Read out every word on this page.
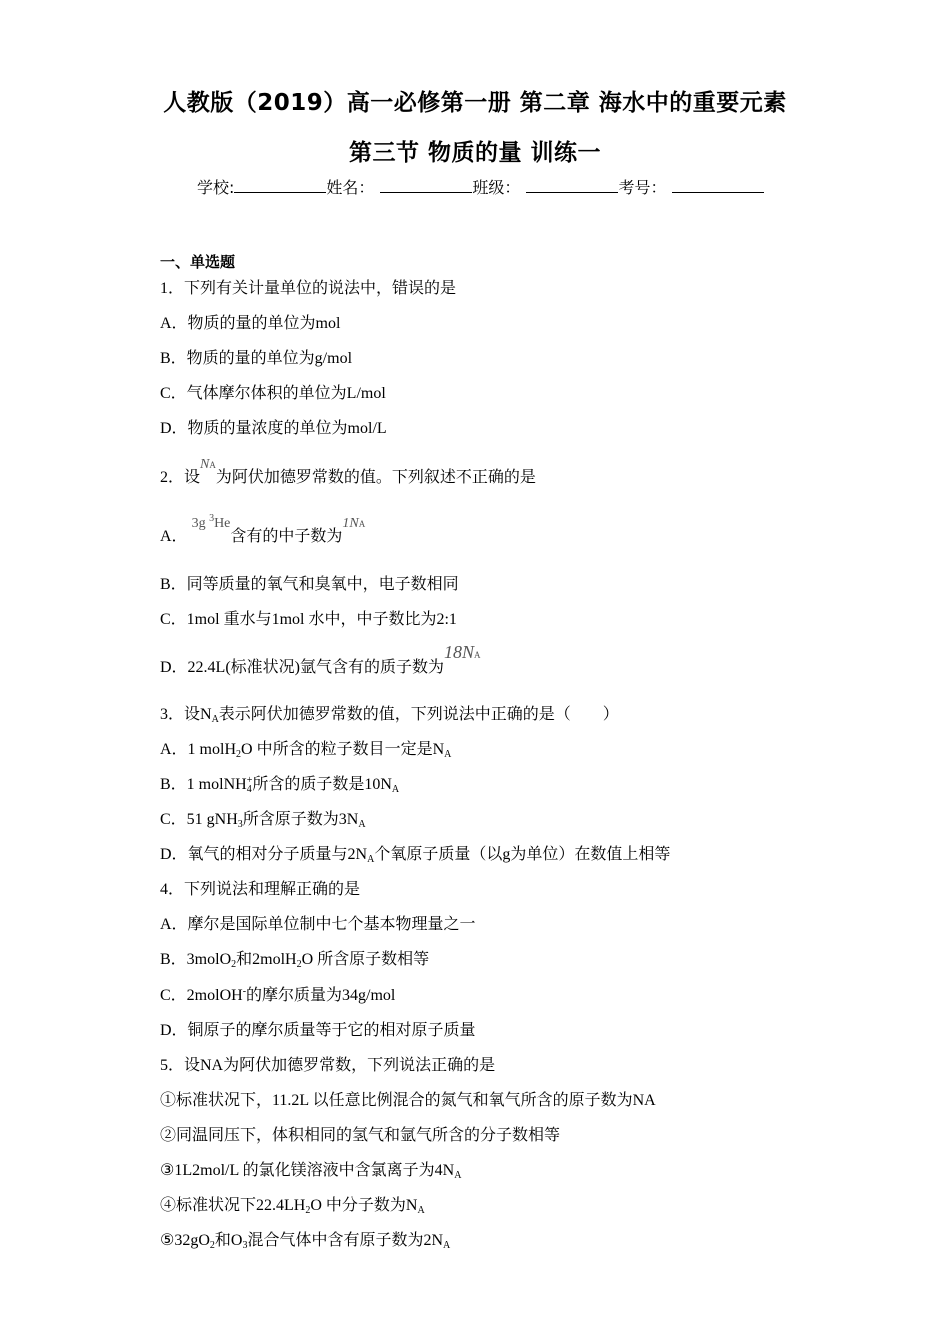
人教版（2019）高一必修第一册 第二章 海水中的重要元素
第三节 物质的量 训练一
学校:	姓名：	班级：	考号：
一、单选题
1．下列有关计量单位的说法中，错误的是
A．物质的量的单位为mol
B．物质的量的单位为g/mol
C．气体摩尔体积的单位为L/mol
D．物质的量浓度的单位为mol/L
2．设NA为阿伏加德罗常数的值。下列叙述不正确的是
A． 3g $^3$He含有的中子数为1NA
B．同等质量的氧气和臭氧中，电子数相同
C．1mol 重水与1mol 水中，中子数比为2:1
D．22.4L(标准状况)氩气含有的质子数为18NA
3．设$N_A$表示阿伏加德罗常数的值，下列说法中正确的是（　　）
A．1 molH$_2$O 中所含的粒子数目一定是$N_A$
B．1 molNH$_4$+所含的质子数是$10N_A$
C．51 gNH$_3$所含原子数为$3N_A$
D．氧气的相对分子质量与$2N_A$个氧原子质量（以g为单位）在数值上相等
4．下列说法和理解正确的是
A．摩尔是国际单位制中七个基本物理量之一
B．3molO$_2$和2molH$_2$O 所含原子数相等
C．2molOH-的摩尔质量为34g/mol
D．铜原子的摩尔质量等于它的相对原子质量
5．设NA为阿伏加德罗常数，下列说法正确的是
①标准状况下，11.2L 以任意比例混合的氮气和氧气所含的原子数为NA
②同温同压下，体积相同的氢气和氩气所含的分子数相等
③1L2mol/L 的氯化镁溶液中含氯离子为$4N_A$
④标准状况下$22.4LH_2O$ 中分子数为$N_A$
$⑤32gO_2$和$O_3$混合气体中含有原子数为$2N_A$
